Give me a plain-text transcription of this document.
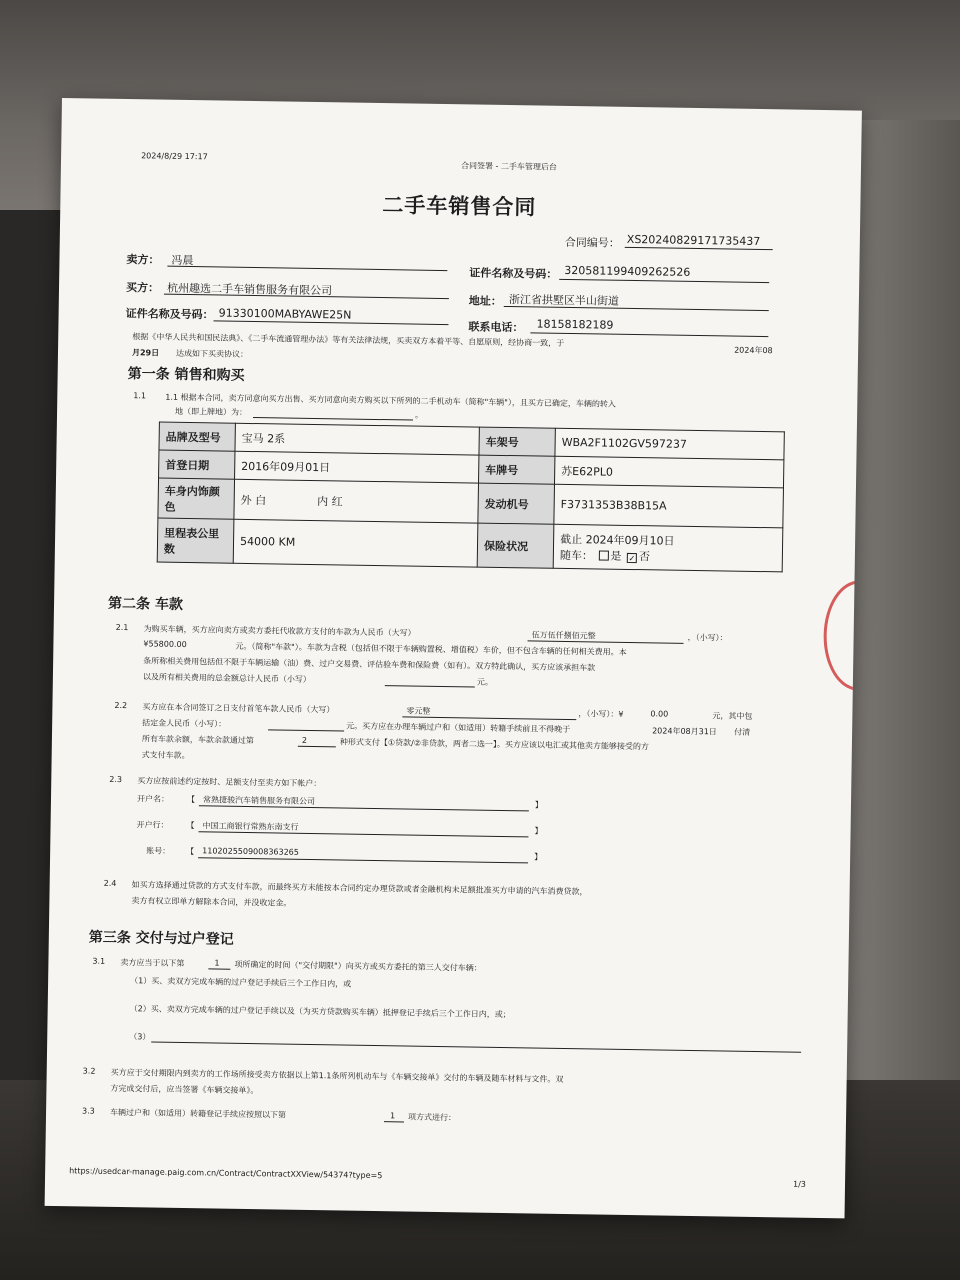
2024/8/29 17:17
合同签署 - 二手车管理后台
二手车销售合同
合同编号： XS20240829171735437
卖方： 冯晨
证件名称及号码： 320581199409262526
买方： 杭州趣选二手车销售服务有限公司
地址： 浙江省拱墅区半山街道
证件名称及号码： 91330100MABYAWE25N
联系电话： 18158182189
根据《中华人民共和国民法典》、《二手车流通管理办法》等有关法律法规，买卖双方本着平等、自愿原则，经协商一致，于
2024年08
月29日 达成如下买卖协议：
第一条 销售和购买
1.1 1.1 根据本合同，卖方同意向买方出售、买方同意向卖方购买以下所列的二手机动车（简称"车辆"），且买方已确定，车辆的转入
地（即上牌地）为：	。
品牌及型号	宝马 2系	车架号	WBA2F1102GV597237
首登日期	2016年09月01日	车牌号	苏E62PL0
车身内饰颜色	外 白 内 红	发动机号	F3731353B38B15A
里程表公里数	54000 KM	保险状况	截止 2024年09月10日
随车： 是 ✓ 否
第二条 车款
2.1 为购买车辆，买方应向卖方或卖方委托代收款方支付的车款为人民币（大写）	伍万伍仟捌佰元整	，（小写）：
¥55800.00	元。（简称"车款"）。车款为含税（包括但不限于车辆购置税、增值税）车价，但不包含车辆的任何相关费用。本
条所称相关费用包括但不限于车辆运输（油）费、过户交易费、评估验车费和保险费（如有）。双方特此确认，买方应该承担车款
以及所有相关费用的总金额总计人民币（小写）	元。
2.2 买方应在本合同签订之日支付首笔车款人民币（大写）	零元整	，（小写）：¥	0.00	元，其中包
括定金人民币（小写）：	元。买方应在办理车辆过户和（如适用）转籍手续前且不得晚于	2024年08月31日 付清
所有车款余额，车款余款通过第	2	种形式支付【①贷款/②非贷款，两者二选一】。买方应该以电汇或其他卖方能够接受的方
式支付车款。
2.3 买方应按前述约定按时、足额支付至卖方如下帐户：
开户名： 【 常熟捷骏汽车销售服务有限公司	】
开户行： 【 中国工商银行常熟东南支行	】
账号： 【 1102025509008363265
】
2.4 如买方选择通过贷款的方式支付车款，而最终买方未能按本合同约定办理贷款或者金融机构未足额批准买方申请的汽车消费贷款，
卖方有权立即单方解除本合同，并没收定金。
第三条 交付与过户登记
3.1 卖方应当于以下第	1 项所确定的时间（"交付期限"）向买方或买方委托的第三人交付车辆：
（1）买、卖双方完成车辆的过户登记手续后三个工作日内，或
（2）买、卖双方完成车辆的过户登记手续以及（为买方贷款购买车辆）抵押登记手续后三个工作日内，或；
（3）
3.2 买方应于交付期限内到卖方的工作场所接受卖方依据以上第1.1条所列机动车与《车辆交接单》交付的车辆及随车材料与文件。双
方完成交付后，应当签署《车辆交接单》。
3.3 车辆过户和（如适用）转籍登记手续应按照以下第	1 项方式进行：
https://usedcar-manage.paig.com.cn/Contract/ContractXXView/54374?type=5
1/3
